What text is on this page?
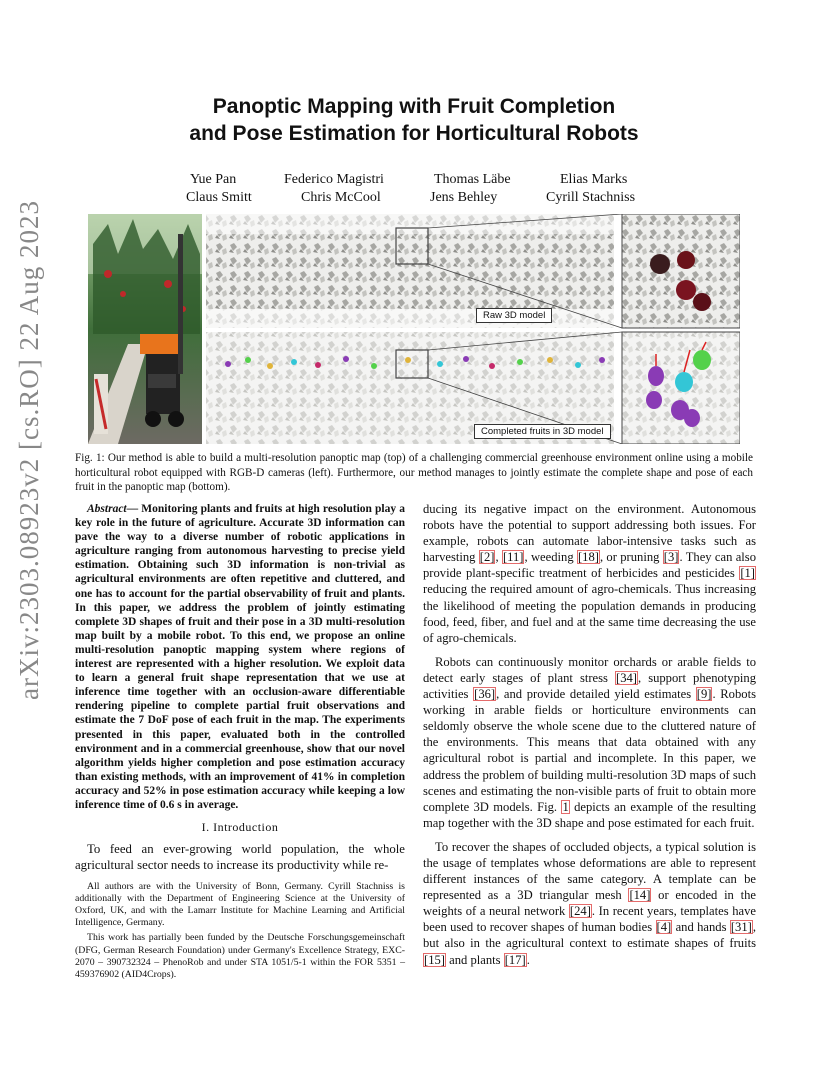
arXiv:2303.08923v2 [cs.RO] 22 Aug 2023
Panoptic Mapping with Fruit Completion
and Pose Estimation for Horticultural Robots
Yue Pan	Federico Magistri	Thomas Läbe	Elias Marks
Claus Smitt	Chris McCool	Jens Behley	Cyrill Stachniss
Raw 3D model
Completed fruits in 3D model
Fig. 1: Our method is able to build a multi-resolution panoptic map (top) of a challenging commercial greenhouse environment online using a mobile horticultural robot equipped with RGB-D cameras (left). Furthermore, our method manages to jointly estimate the complete shape and pose of each fruit in the panoptic map (bottom).

Abstract— Monitoring plants and fruits at high resolution play a key role in the future of agriculture. Accurate 3D information can pave the way to a diverse number of robotic applications in agriculture ranging from autonomous harvesting to precise yield estimation. Obtaining such 3D information is non-trivial as agricultural environments are often repetitive and cluttered, and one has to account for the partial observability of fruit and plants. In this paper, we address the problem of jointly estimating complete 3D shapes of fruit and their pose in a 3D multi-resolution map built by a mobile robot. To this end, we propose an online multi-resolution panoptic mapping system where regions of interest are represented with a higher resolution. We exploit data to learn a general fruit shape representation that we use at inference time together with an occlusion-aware differentiable rendering pipeline to complete partial fruit observations and estimate the 7 DoF pose of each fruit in the map. The experiments presented in this paper, evaluated both in the controlled environment and in a commercial greenhouse, show that our novel algorithm yields higher completion and pose estimation accuracy than existing methods, with an improvement of 41% in completion accuracy and 52% in pose estimation accuracy while keeping a low inference time of 0.6 s in average.

I. Introduction

To feed an ever-growing world population, the whole agricultural sector needs to increase its productivity while re-

All authors are with the University of Bonn, Germany. Cyrill Stachniss is additionally with the Department of Engineering Science at the University of Oxford, UK, and with the Lamarr Institute for Machine Learning and Artificial Intelligence, Germany.

This work has partially been funded by the Deutsche Forschungsgemeinschaft (DFG, German Research Foundation) under Germany's Excellence Strategy, EXC-2070 – 390732324 – PhenoRob and under STA 1051/5-1 within the FOR 5351 – 459376902 (AID4Crops).

ducing its negative impact on the environment. Autonomous robots have the potential to support addressing both issues. For example, robots can automate labor-intensive tasks such as harvesting [2], [11], weeding [18], or pruning [3]. They can also provide plant-specific treatment of herbicides and pesticides [1] reducing the required amount of agro-chemicals. Thus increasing the likelihood of meeting the population demands in producing food, feed, fiber, and fuel and at the same time decreasing the use of agro-chemicals.

Robots can continuously monitor orchards or arable fields to detect early stages of plant stress [34], support phenotyping activities [36], and provide detailed yield estimates [9]. Robots working in arable fields or horticulture environments can seldomly observe the whole scene due to the cluttered nature of the environments. This means that data obtained with any agricultural robot is partial and incomplete. In this paper, we address the problem of building multi-resolution 3D maps of such scenes and estimating the non-visible parts of fruit to obtain more complete 3D models. Fig. 1 depicts an example of the resulting map together with the 3D shape and pose estimated for each fruit.

To recover the shapes of occluded objects, a typical solution is the usage of templates whose deformations are able to represent different instances of the same category. A template can be represented as a 3D triangular mesh [14] or encoded in the weights of a neural network [24]. In recent years, templates have been used to recover shapes of human bodies [4] and hands [31], but also in the agricultural context to estimate shapes of fruits [15] and plants [17].
